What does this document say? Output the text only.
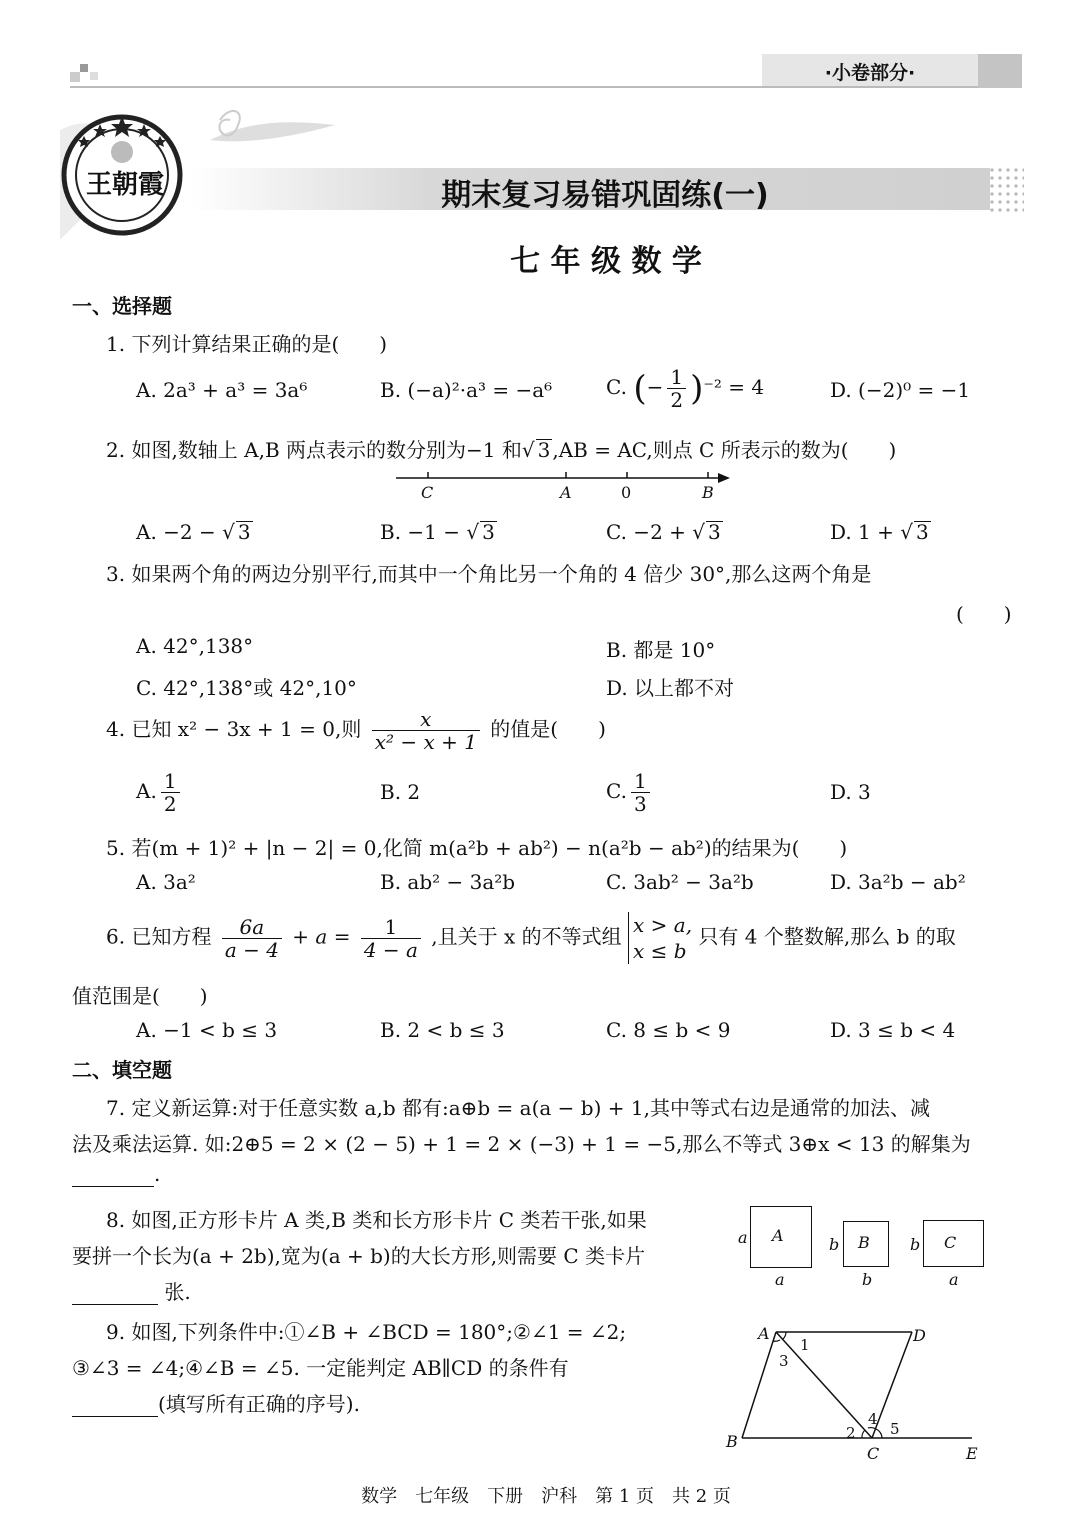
·小卷部分·
王朝霞	期末复习易错巩固练(一)
七 年 级 数 学
一、选择题
1. 下列计算结果正确的是(　　)
A. 2a³ + a³ = 3a⁶	B. (−a)²·a³ = −a⁶	C. (− $\frac{1}{2} )^{-2} = 4$	D. (−2)⁰ = −1
2. 如图,数轴上 A,B 两点表示的数分别为−1 和√ 3 ,AB = AC,则点 C 所表示的数为(　　)
C	A	0	B
A. −2 − √ 3	B. −1 − √ 3	C. −2 + √ 3	D. 1 + √ 3
3. 如果两个角的两边分别平行,而其中一个角比另一个角的 4 倍少 30°,那么这两个角是
(　　)
A. 42°,138°	B. 都是 10°
C. 42°,138°或 42°,10°	D. 以上都不对
4. 已知 x² − 3x + 1 = 0,则 $\frac{x}{\text{x² − x + 1}}$ 的值是(　　)
A. $\frac{1}{2}$	B. 2	C. $\frac{1}{3}$	D. 3
5. 若(m + 1)² + |n − 2| = 0,化简 m(a²b + ab²) − n(a²b − ab²)的结果为(　　)
A. 3a²	B. ab² − 3a²b	C. 3ab² − 3a²b	D. 3a²b − ab²
6. 已知方程 $\frac{6a}{a - 4} + a = \frac{1}{4 - a}$ ,且关于 x 的不等式组 x > a,
x ≤ b
只有 4 个整数解,那么 b 的取
值范围是(　　)
A. −1 < b ≤ 3	B. 2 < b ≤ 3	C. 8 ≤ b < 9	D. 3 ≤ b < 4
二、填空题
7. 定义新运算:对于任意实数 a,b 都有:a⊕b = a(a − b) + 1,其中等式右边是通常的加法、减
法及乘法运算. 如:2⊕5 = 2 × (2 − 5) + 1 = 2 × (−3) + 1 = −5,那么不等式 3⊕x < 13 的解集为
.
8. 如图,正方形卡片 A 类,B 类和长方形卡片 C 类若干张,如果
要拼一个长为(a + 2b),宽为(a + b)的大长方形,则需要 C 类卡片
张.
A
a
a
B
b
b
C
b
a
9. 如图,下列条件中:①∠B + ∠BCD = 180°;②∠1 = ∠2;
③∠3 = ∠4;④∠B = ∠5. 一定能判定 AB∥CD 的条件有
(填写所有正确的序号).
A	D
B
C	E
1
3
2
4
5
数学　七年级　下册　沪科　第 1 页　共 2 页
